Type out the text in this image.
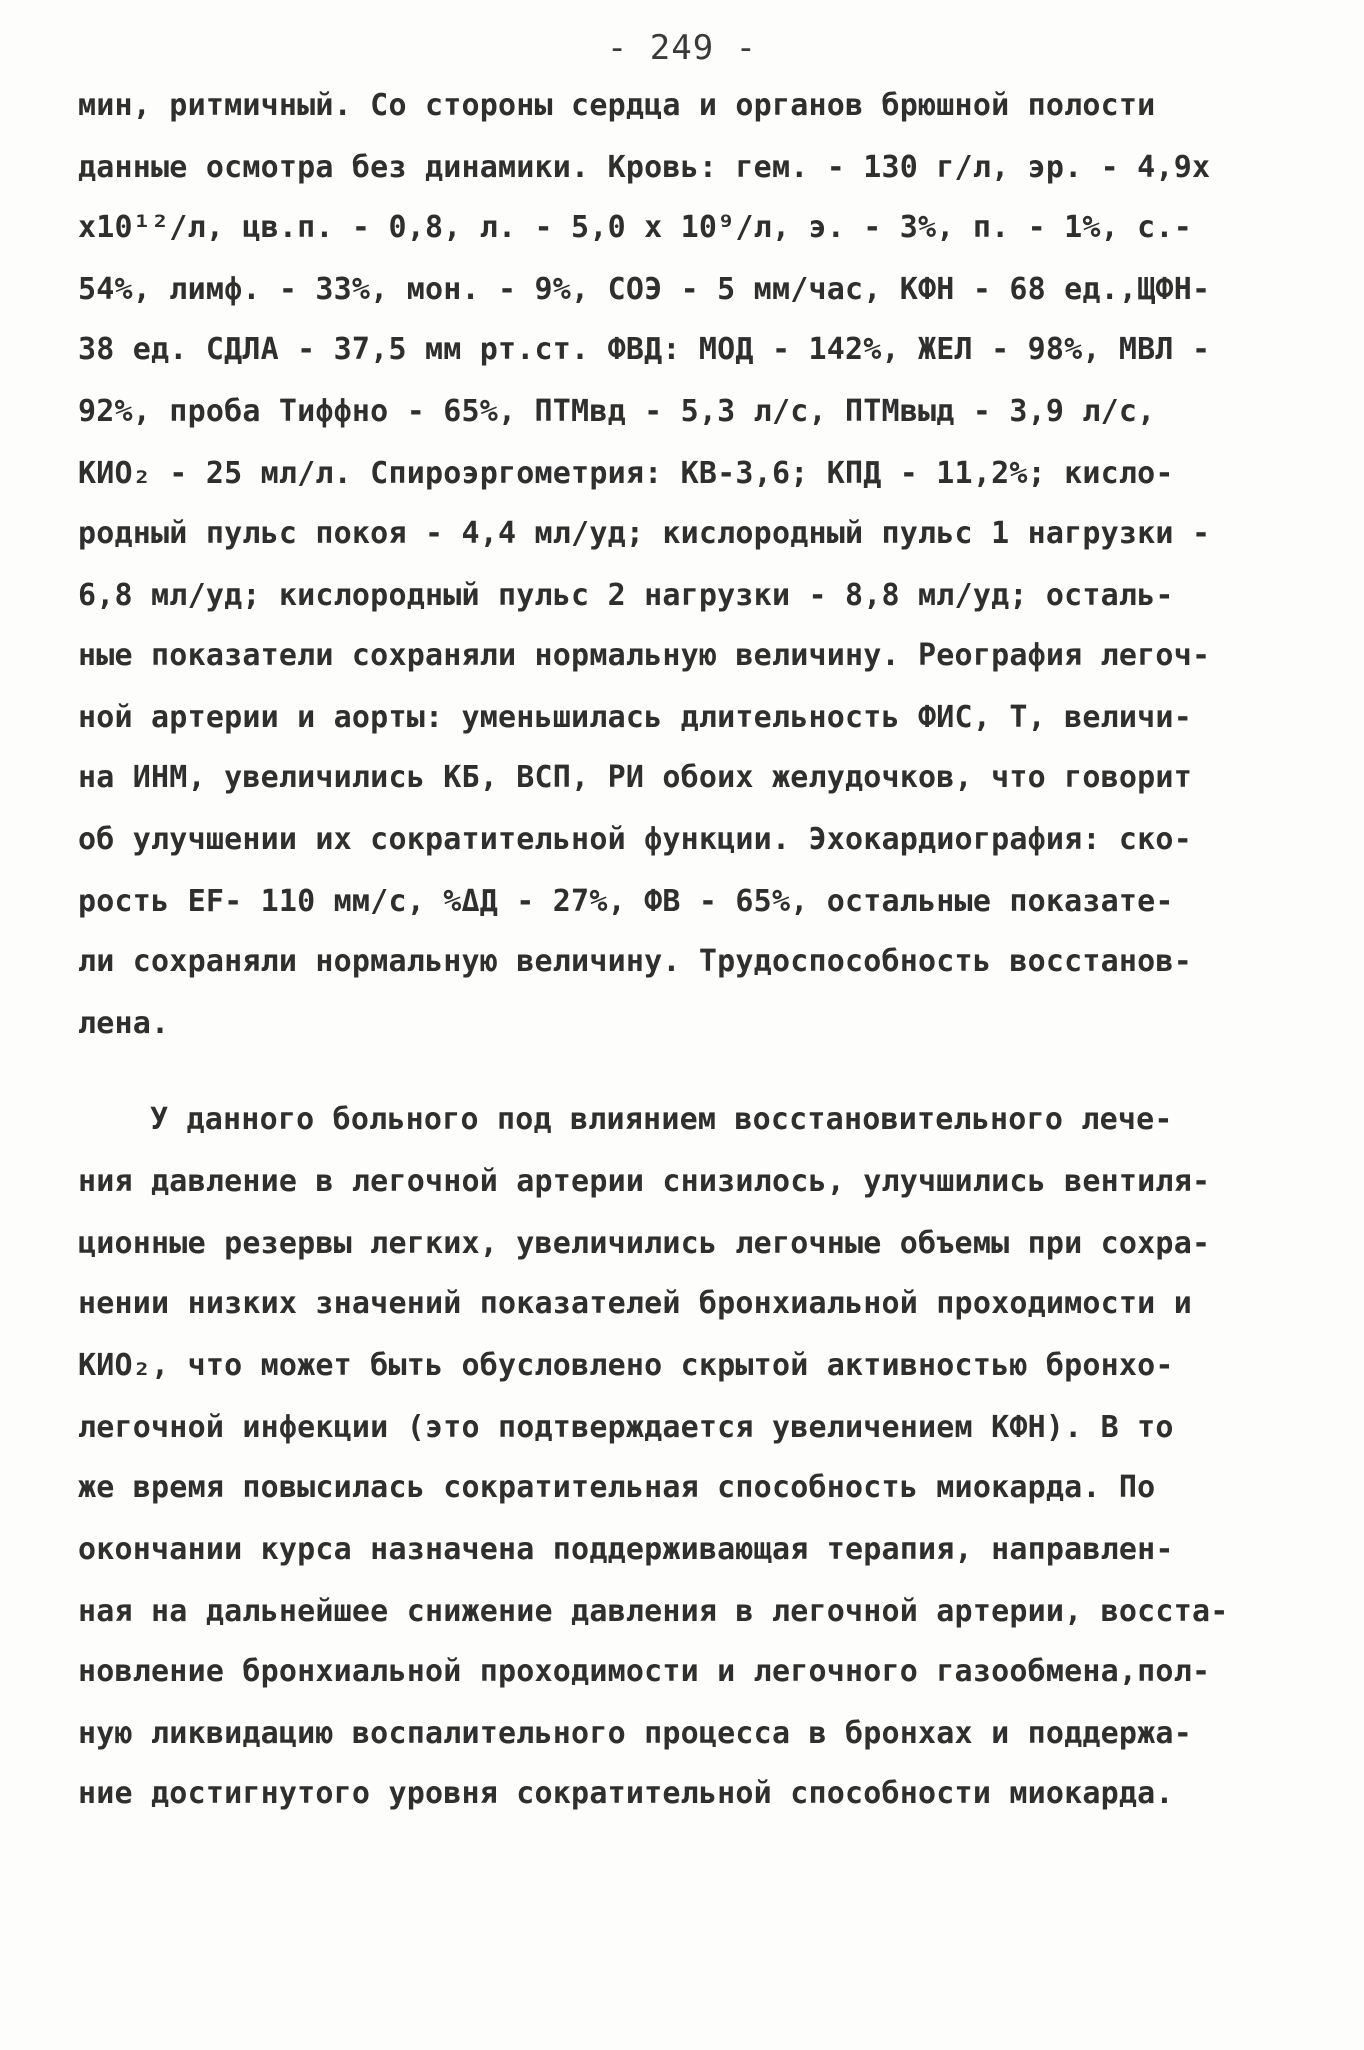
- 249 -
мин, ритмичный. Со стороны сердца и органов брюшной полости
данные осмотра без динамики. Кровь: гем. - 130 г/л, эр. - 4,9х
х10¹²/л, цв.п. - 0,8, л. - 5,0 х 10⁹/л, э. - 3%, п. - 1%, с.-
54%, лимф. - 33%, мон. - 9%, СОЭ - 5 мм/час, КФН - 68 ед.,ЩФН-
38 ед. СДЛА - 37,5 мм рт.ст. ФВД: МОД - 142%, ЖЕЛ - 98%, МВЛ -
92%, проба Тиффно - 65%, ПТМвд - 5,3 л/с, ПТМвыд - 3,9 л/с,
КИО₂ - 25 мл/л. Спироэргометрия: КВ-3,6; КПД - 11,2%; кисло-
родный пульс покоя - 4,4 мл/уд; кислородный пульс 1 нагрузки -
6,8 мл/уд; кислородный пульс 2 нагрузки - 8,8 мл/уд; осталь-
ные показатели сохраняли нормальную величину. Реография легоч-
ной артерии и аорты: уменьшилась длительность ФИС, Т, величи-
на ИНМ, увеличились КБ, ВСП, РИ обоих желудочков, что говорит
об улучшении их сократительной функции. Эхокардиография: ско-
рость EF- 110 мм/с, %ΔД - 27%, ФВ - 65%, остальные показате-
ли сохраняли нормальную величину. Трудоспособность восстанов-
лена.
У данного больного под влиянием восстановительного лече-
ния давление в легочной артерии снизилось, улучшились вентиля-
ционные резервы легких, увеличились легочные объемы при сохра-
нении низких значений показателей бронхиальной проходимости и
КИО₂, что может быть обусловлено скрытой активностью бронхо-
легочной инфекции (это подтверждается увеличением КФН). В то
же время повысилась сократительная способность миокарда. По
окончании курса назначена поддерживающая терапия, направлен-
ная на дальнейшее снижение давления в легочной артерии, восста-
новление бронхиальной проходимости и легочного газообмена,пол-
ную ликвидацию воспалительного процесса в бронхах и поддержа-
ние достигнутого уровня сократительной способности миокарда.
